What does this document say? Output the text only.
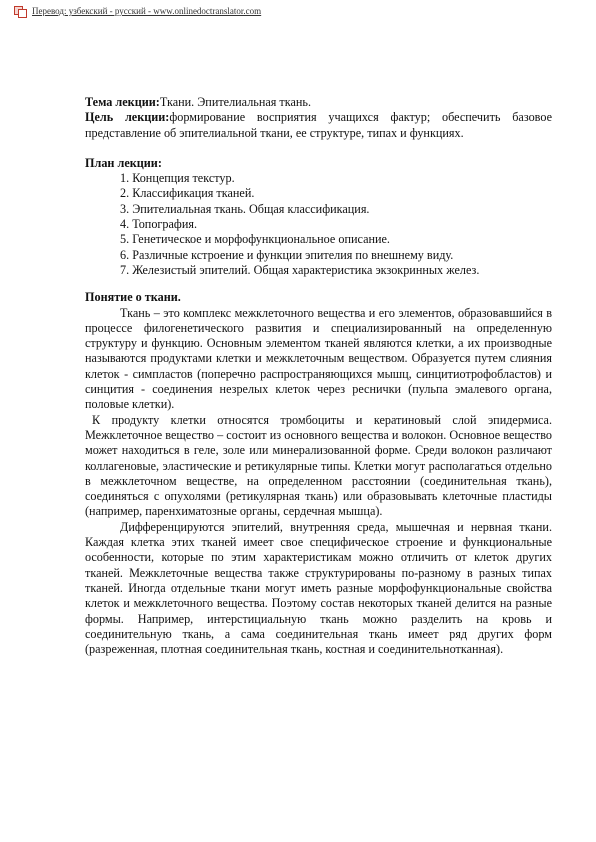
Перевод: узбекский - русский - www.onlinedoctranslator.com

Тема лекции:Ткани. Эпителиальная ткань.

Цель лекции:формирование восприятия учащихся фактур; обеспечить базовое представление об эпителиальной ткани, ее структуре, типах и функциях.

План лекции:

1. Концепция текстур.
2. Классификация тканей.
3. Эпителиальная ткань. Общая классификация.
4. Топография.
5. Генетическое и морфофункциональное описание.
6. Различные кстроение и функции эпителия по внешнему виду.
7. Железистый эпителий. Общая характеристика экзокринных желез.

Понятие о ткани.

Ткань – это комплекс межклеточного вещества и его элементов, образовавшийся в процессе филогенетического развития и специализированный на определенную структуру и функцию. Основным элементом тканей являются клетки, а их производные называются продуктами клетки и межклеточным веществом. Образуется путем слияния клеток - симпластов (поперечно распространяющихся мышц, синцитиотрофобластов) и синцития - соединения незрелых клеток через реснички (пульпа эмалевого органа, половые клетки).

К продукту клетки относятся тромбоциты и кератиновый слой эпидермиса. Межклеточное вещество – состоит из основного вещества и волокон. Основное вещество может находиться в геле, золе или минерализованной форме. Среди волокон различают коллагеновые, эластические и ретикулярные типы. Клетки могут располагаться отдельно в межклеточном веществе, на определенном расстоянии (соединительная ткань), соединяться с опухолями (ретикулярная ткань) или образовывать клеточные пластиды (например, паренхиматозные органы, сердечная мышца).

Дифференцируются эпителий, внутренняя среда, мышечная и нервная ткани. Каждая клетка этих тканей имеет свое специфическое строение и функциональные особенности, которые по этим характеристикам можно отличить от клеток других тканей. Межклеточные вещества также структурированы по-разному в разных типах тканей. Иногда отдельные ткани могут иметь разные морфофункциональные свойства клеток и межклеточного вещества. Поэтому состав некоторых тканей делится на разные формы. Например, интерстициальную ткань можно разделить на кровь и соединительную ткань, а сама соединительная ткань имеет ряд других форм (разреженная, плотная соединительная ткань, костная и соединительнотканная).
